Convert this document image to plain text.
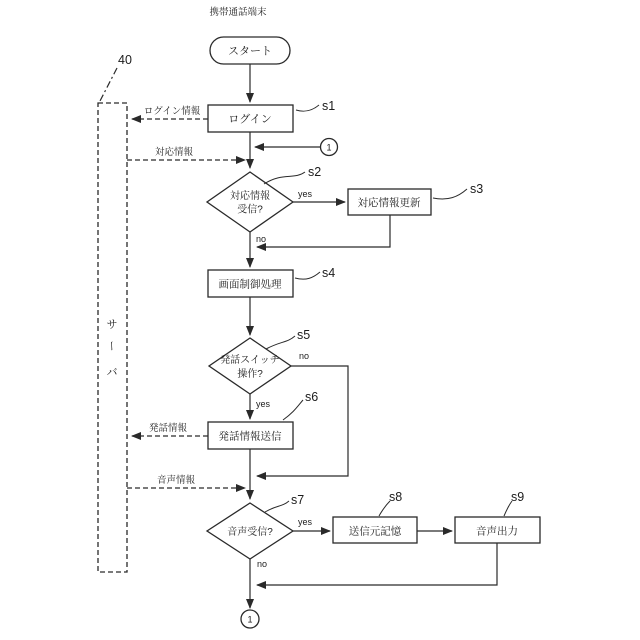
携帯通話端末
40
サ
ー
バ
ログイン情報
対応情報
発話情報
音声情報
スタート
ログイン
s1
1
対応情報
受信?
s2
yes
no
対応情報更新
s3
画面制御処理
s4
発話スイッチ
操作?
s5
no
yes
発話情報送信
s6
音声受信?
s7
yes
no
送信元記憶
s8
音声出力
s9
1
